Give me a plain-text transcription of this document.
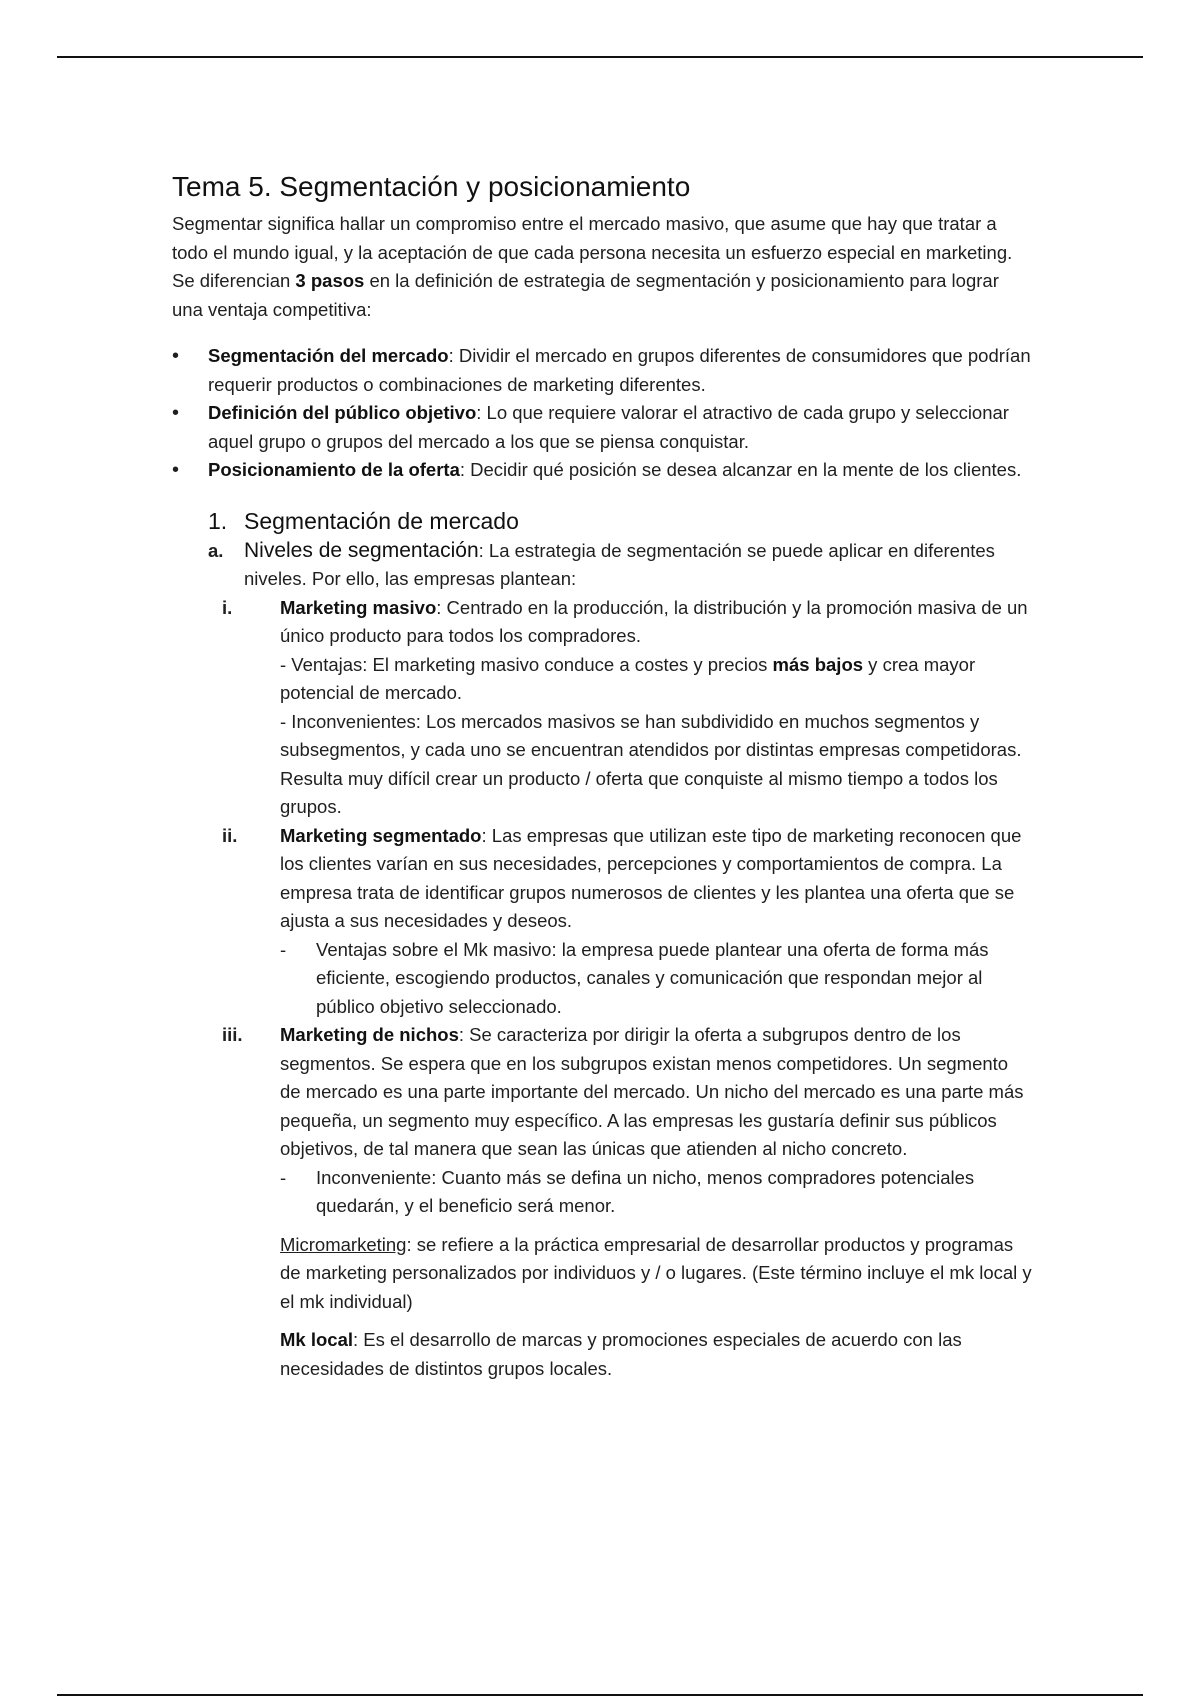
Tema 5. Segmentación y posicionamiento

Segmentar significa hallar un compromiso entre el mercado masivo, que asume que hay que tratar a todo el mundo igual, y la aceptación de que cada persona necesita un esfuerzo especial en marketing. Se diferencian 3 pasos en la definición de estrategia de segmentación y posicionamiento para lograr una ventaja competitiva:

• Segmentación del mercado: Dividir el mercado en grupos diferentes de consumidores que podrían requerir productos o combinaciones de marketing diferentes.
• Definición del público objetivo: Lo que requiere valorar el atractivo de cada grupo y seleccionar aquel grupo o grupos del mercado a los que se piensa conquistar.
• Posicionamiento de la oferta: Decidir qué posición se desea alcanzar en la mente de los clientes.
1. Segmentación de mercado
a. Niveles de segmentación: La estrategia de segmentación se puede aplicar en diferentes niveles. Por ello, las empresas plantean:
i.	Marketing masivo: Centrado en la producción, la distribución y la promoción masiva de un único producto para todos los compradores.

- Ventajas: El marketing masivo conduce a costes y precios más bajos y crea mayor potencial de mercado.

- Inconvenientes: Los mercados masivos se han subdividido en muchos segmentos y subsegmentos, y cada uno se encuentran atendidos por distintas empresas competidoras. Resulta muy difícil crear un producto / oferta que conquiste al mismo tiempo a todos los grupos.

ii.	Marketing segmentado: Las empresas que utilizan este tipo de marketing reconocen que los clientes varían en sus necesidades, percepciones y comportamientos de compra. La empresa trata de identificar grupos numerosos de clientes y les plantea una oferta que se ajusta a sus necesidades y deseos.

- Ventajas sobre el Mk masivo: la empresa puede plantear una oferta de forma más eficiente, escogiendo productos, canales y comunicación que respondan mejor al público objetivo seleccionado.
iii.	Marketing de nichos: Se caracteriza por dirigir la oferta a subgrupos dentro de los segmentos. Se espera que en los subgrupos existan menos competidores. Un segmento de mercado es una parte importante del mercado. Un nicho del mercado es una parte más pequeña, un segmento muy específico. A las empresas les gustaría definir sus públicos objetivos, de tal manera que sean las únicas que atienden al nicho concreto.

- Inconveniente: Cuanto más se defina un nicho, menos compradores potenciales quedarán, y el beneficio será menor.

Micromarketing: se refiere a la práctica empresarial de desarrollar productos y programas de marketing personalizados por individuos y / o lugares. (Este término incluye el mk local y el mk individual)

Mk local: Es el desarrollo de marcas y promociones especiales de acuerdo con las necesidades de distintos grupos locales.
